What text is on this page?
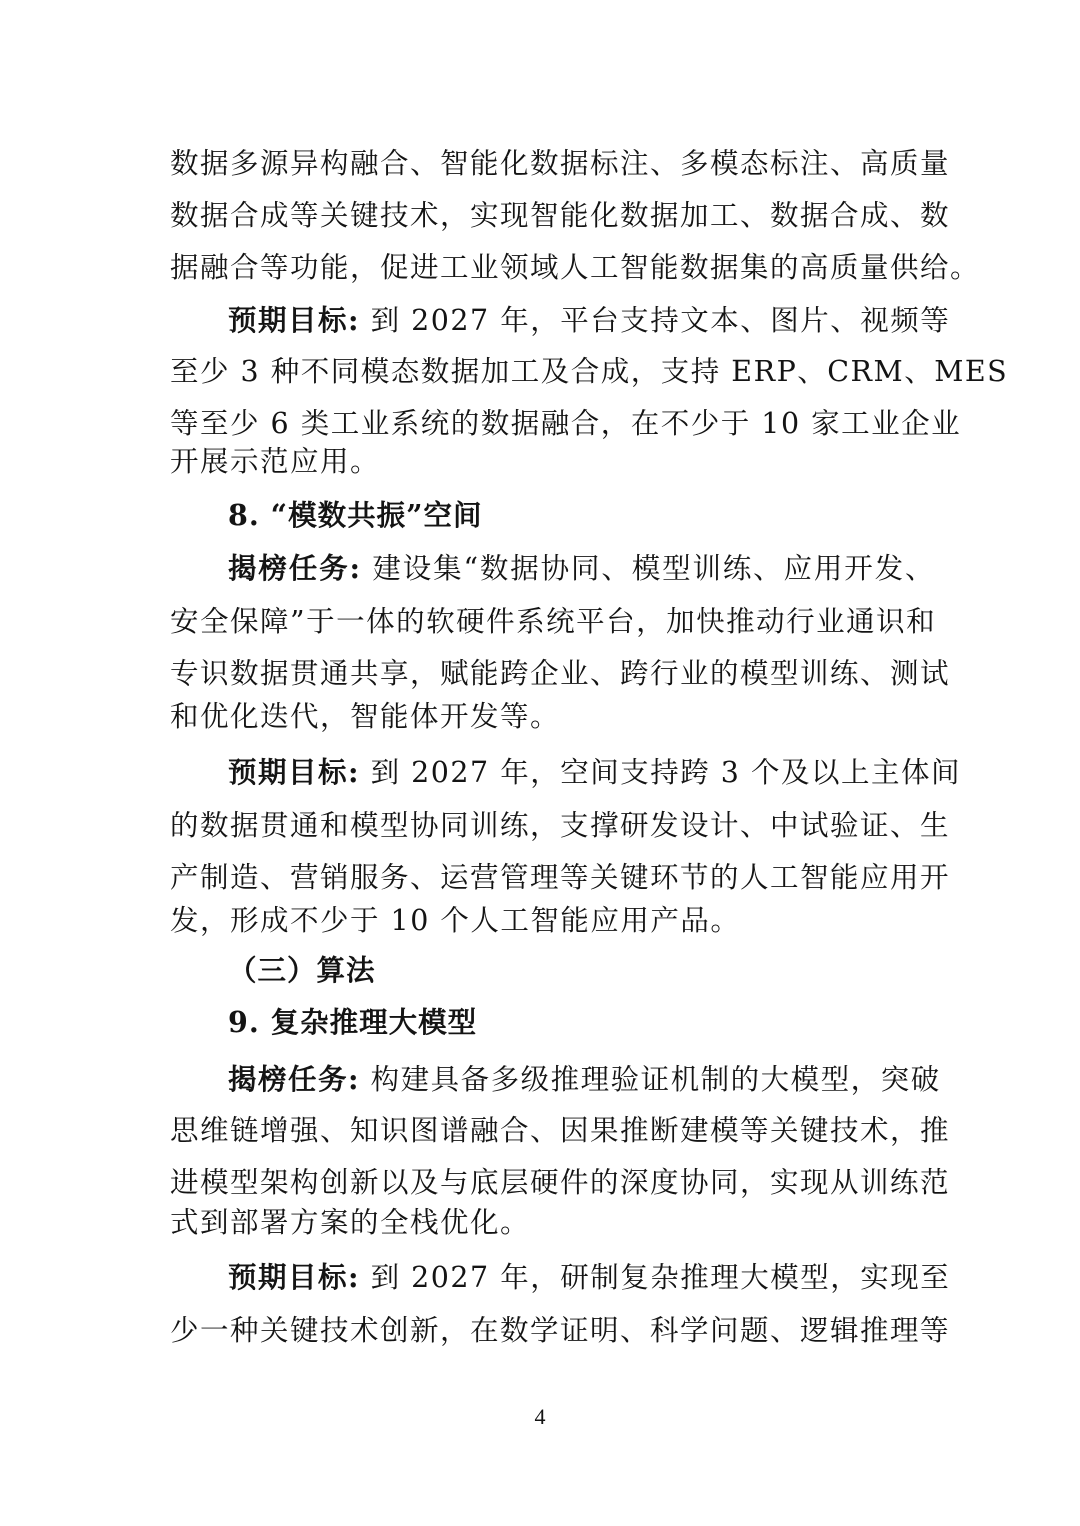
数据多源异构融合、智能化数据标注、多模态标注、高质量
数据合成等关键技术，实现智能化数据加工、数据合成、数
据融合等功能，促进工业领域人工智能数据集的高质量供给。
预期目标: 到 2027 年，平台支持文本、图片、视频等
至少 3 种不同模态数据加工及合成，支持 ERP、CRM、MES
等至少 6 类工业系统的数据融合，在不少于 10 家工业企业
开展示范应用。
8. “模数共振”空间
揭榜任务: 建设集“数据协同、模型训练、应用开发、
安全保障”于一体的软硬件系统平台，加快推动行业通识和
专识数据贯通共享，赋能跨企业、跨行业的模型训练、测试
和优化迭代，智能体开发等。
预期目标: 到 2027 年，空间支持跨 3 个及以上主体间
的数据贯通和模型协同训练，支撑研发设计、中试验证、生
产制造、营销服务、运营管理等关键环节的人工智能应用开
发，形成不少于 10 个人工智能应用产品。
（三）算法
9. 复杂推理大模型
揭榜任务: 构建具备多级推理验证机制的大模型，突破
思维链增强、知识图谱融合、因果推断建模等关键技术，推
进模型架构创新以及与底层硬件的深度协同，实现从训练范
式到部署方案的全栈优化。
预期目标: 到 2027 年，研制复杂推理大模型，实现至
少一种关键技术创新，在数学证明、科学问题、逻辑推理等
4
